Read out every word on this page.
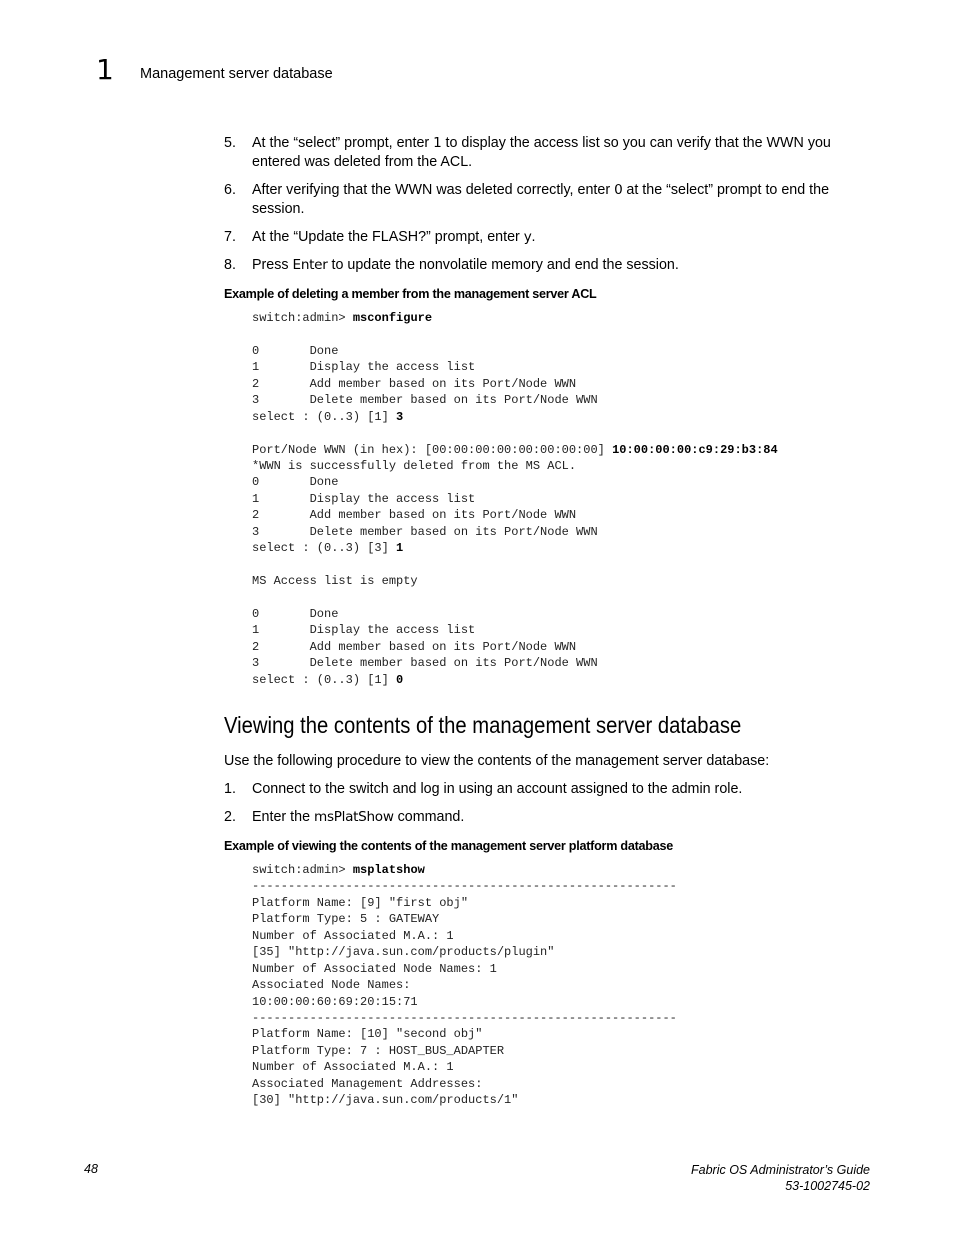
1 Management server database
5. At the “select” prompt, enter 1 to display the access list so you can verify that the WWN you entered was deleted from the ACL.
6. After verifying that the WWN was deleted correctly, enter 0 at the “select” prompt to end the session.
7. At the “Update the FLASH?” prompt, enter y.
8. Press Enter to update the nonvolatile memory and end the session.
Example of deleting a member from the management server ACL
switch:admin> msconfigure
0       Done
1       Display the access list
2       Add member based on its Port/Node WWN
3       Delete member based on its Port/Node WWN
select : (0..3) [1] 3
Port/Node WWN (in hex): [00:00:00:00:00:00:00:00] 10:00:00:00:c9:29:b3:84
*WWN is successfully deleted from the MS ACL.
0       Done
1       Display the access list
2       Add member based on its Port/Node WWN
3       Delete member based on its Port/Node WWN
select : (0..3) [3] 1
MS Access list is empty
0       Done
1       Display the access list
2       Add member based on its Port/Node WWN
3       Delete member based on its Port/Node WWN
select : (0..3) [1] 0
Viewing the contents of the management server database
Use the following procedure to view the contents of the management server database:
1. Connect to the switch and log in using an account assigned to the admin role.
2. Enter the msPlatShow command.
Example of viewing the contents of the management server platform database
switch:admin> msplatshow
-----------------------------------------------------------
Platform Name: [9] "first obj"
Platform Type: 5 : GATEWAY
Number of Associated M.A.: 1
[35] "http://java.sun.com/products/plugin"
Number of Associated Node Names: 1
Associated Node Names:
10:00:00:60:69:20:15:71
-----------------------------------------------------------
Platform Name: [10] "second obj"
Platform Type: 7 : HOST_BUS_ADAPTER
Number of Associated M.A.: 1
Associated Management Addresses:
[30] "http://java.sun.com/products/1"
48	Fabric OS Administrator’s Guide
53-1002745-02
